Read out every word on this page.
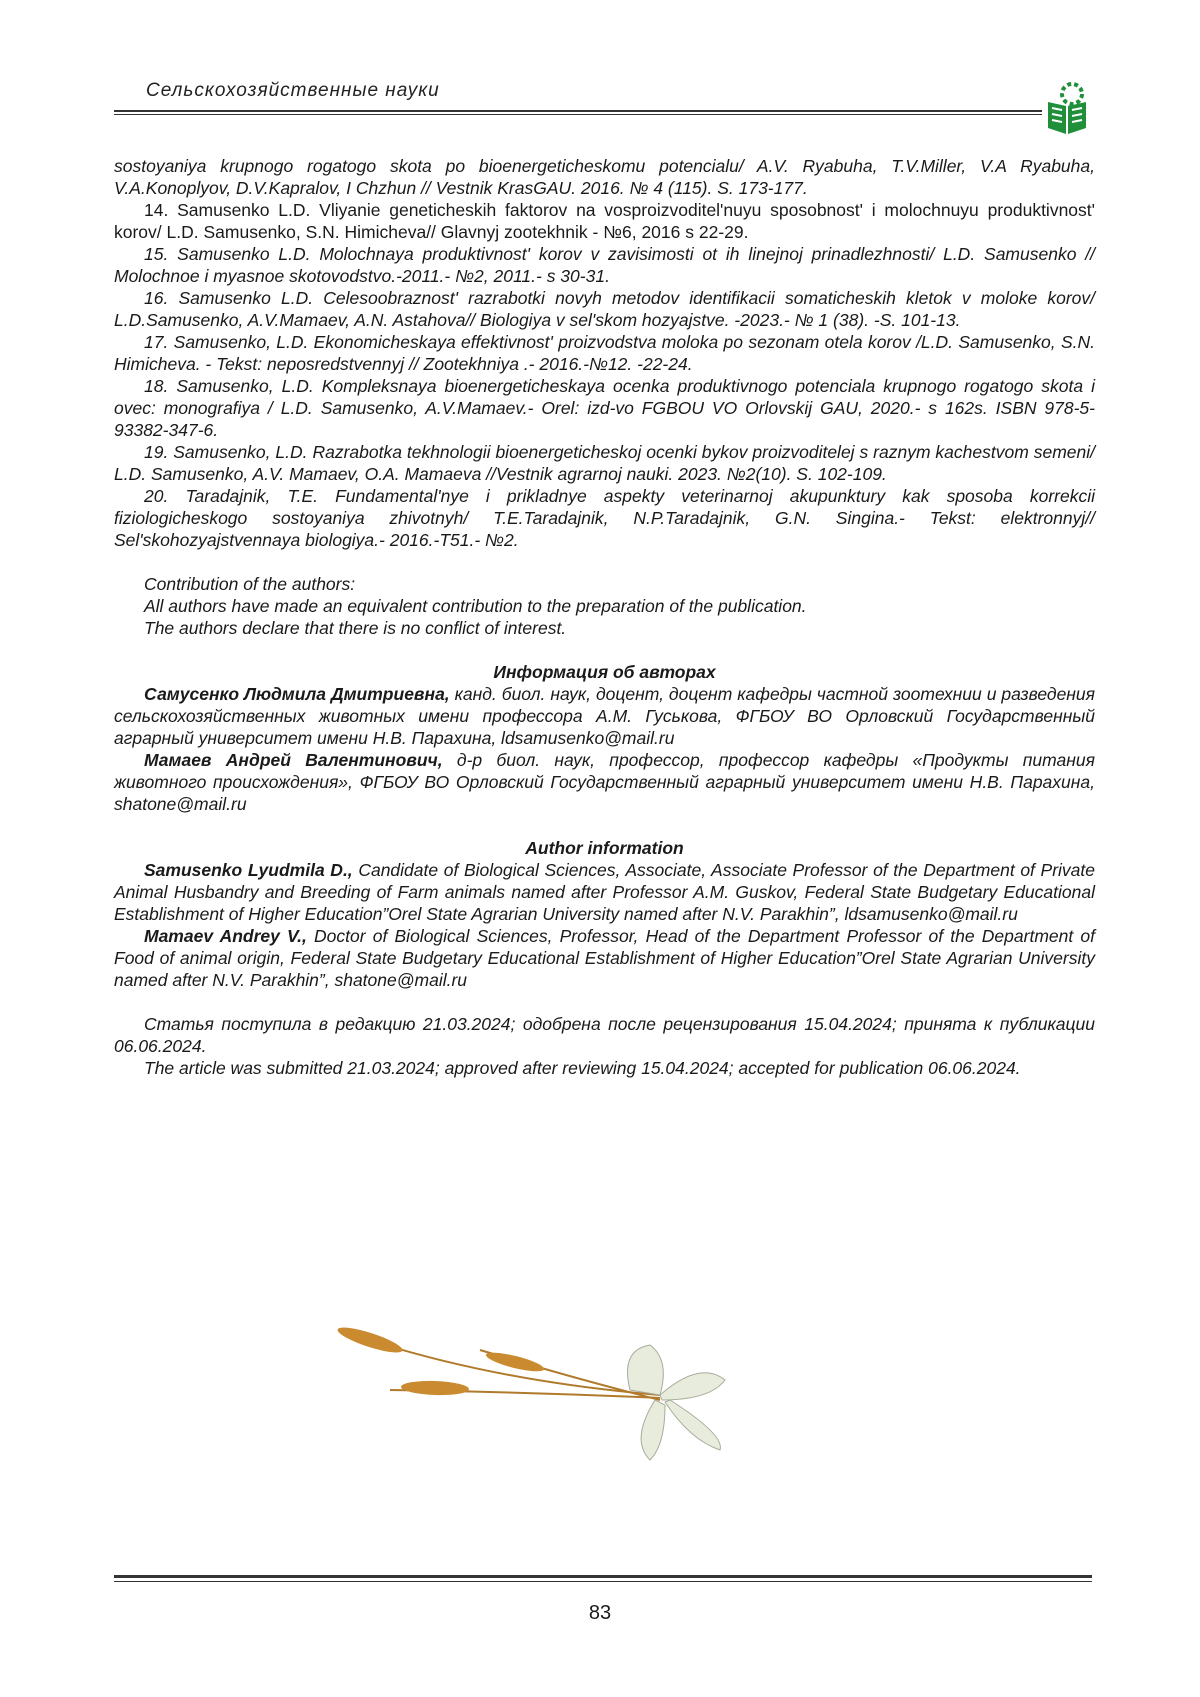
Сельскохозяйственные науки

sostoyaniya krupnogo rogatogo skota po bioenergeticheskomu potencialu/ A.V. Ryabuha, T.V.Miller, V.A Ryabuha, V.A.Konoplyov, D.V.Kapralov, I Chzhun // Vestnik KrasGAU. 2016. № 4 (115). S. 173-177.

14. Samusenko L.D. Vliyanie geneticheskih faktorov na vosproizvoditel'nuyu sposobnost' i molochnuyu produktivnost' korov/ L.D. Samusenko, S.N. Himicheva// Glavnyj zootekhnik - №6, 2016 s 22-29.

15. Samusenko L.D. Molochnaya produktivnost' korov v zavisimosti ot ih linejnoj prinadlezhnosti/ L.D. Samusenko // Molochnoe i myasnoe skotovodstvo.-2011.- №2, 2011.- s 30-31.

16. Samusenko L.D. Celesoobraznost' razrabotki novyh metodov identifikacii somaticheskih kletok v moloke korov/ L.D.Samusenko, A.V.Mamaev, A.N. Astahova// Biologiya v sel'skom hozyajstve. -2023.- № 1 (38). -S. 101-13.

17. Samusenko, L.D. Ekonomicheskaya effektivnost' proizvodstva moloka po sezonam otela korov /L.D. Samusenko, S.N. Himicheva. - Tekst: neposredstvennyj // Zootekhniya .- 2016.-№12. -22-24.

18. Samusenko, L.D. Kompleksnaya bioenergeticheskaya ocenka produktivnogo potenciala krupnogo rogatogo skota i ovec: monografiya / L.D. Samusenko, A.V.Mamaev.- Orel: izd-vo FGBOU VO Orlovskij GAU, 2020.- s 162s. ISBN 978-5-93382-347-6.

19. Samusenko, L.D. Razrabotka tekhnologii bioenergeticheskoj ocenki bykov proizvoditelej s raznym kachestvom semeni/ L.D. Samusenko, A.V. Mamaev, O.A. Mamaeva //Vestnik agrarnoj nauki. 2023. №2(10). S. 102-109.

20. Taradajnik, T.E. Fundamental'nye i prikladnye aspekty veterinarnoj akupunktury kak sposoba korrekcii fiziologicheskogo sostoyaniya zhivotnyh/ T.E.Taradajnik, N.P.Taradajnik, G.N. Singina.- Tekst: elektronnyj// Sel'skohozyajstvennaya biologiya.- 2016.-T51.- №2.

Contribution of the authors:

All authors have made an equivalent contribution to the preparation of the publication.

The authors declare that there is no conflict of interest.

Информация об авторах

Самусенко Людмила Дмитриевна, канд. биол. наук, доцент, доцент кафедры частной зоотехнии и разведения сельскохозяйственных животных имени профессора А.М. Гуськова, ФГБОУ ВО Орловский Государственный аграрный университет имени Н.В. Парахина, ldsamusenko@mail.ru

Мамаев Андрей Валентинович, д-р биол. наук, профессор, профессор кафедры «Продукты питания животного происхождения», ФГБОУ ВО Орловский Государственный аграрный университет имени Н.В. Парахина, shatone@mail.ru

Author information

Samusenko Lyudmila D., Candidate of Biological Sciences, Associate, Associate Professor of the Department of Private Animal Husbandry and Breeding of Farm animals named after Professor A.M. Guskov, Federal State Budgetary Educational Establishment of Higher Education”Orel State Agrarian University named after N.V. Parakhin”, ldsamusenko@mail.ru

Mamaev Andrey V., Doctor of Biological Sciences, Professor, Head of the Department Professor of the Department of Food of animal origin, Federal State Budgetary Educational Establishment of Higher Education”Orel State Agrarian University named after N.V. Parakhin”, shatone@mail.ru

Статья поступила в редакцию 21.03.2024; одобрена после рецензирования 15.04.2024; принята к публикации 06.06.2024.

The article was submitted 21.03.2024; approved after reviewing 15.04.2024; accepted for publication 06.06.2024.

83
